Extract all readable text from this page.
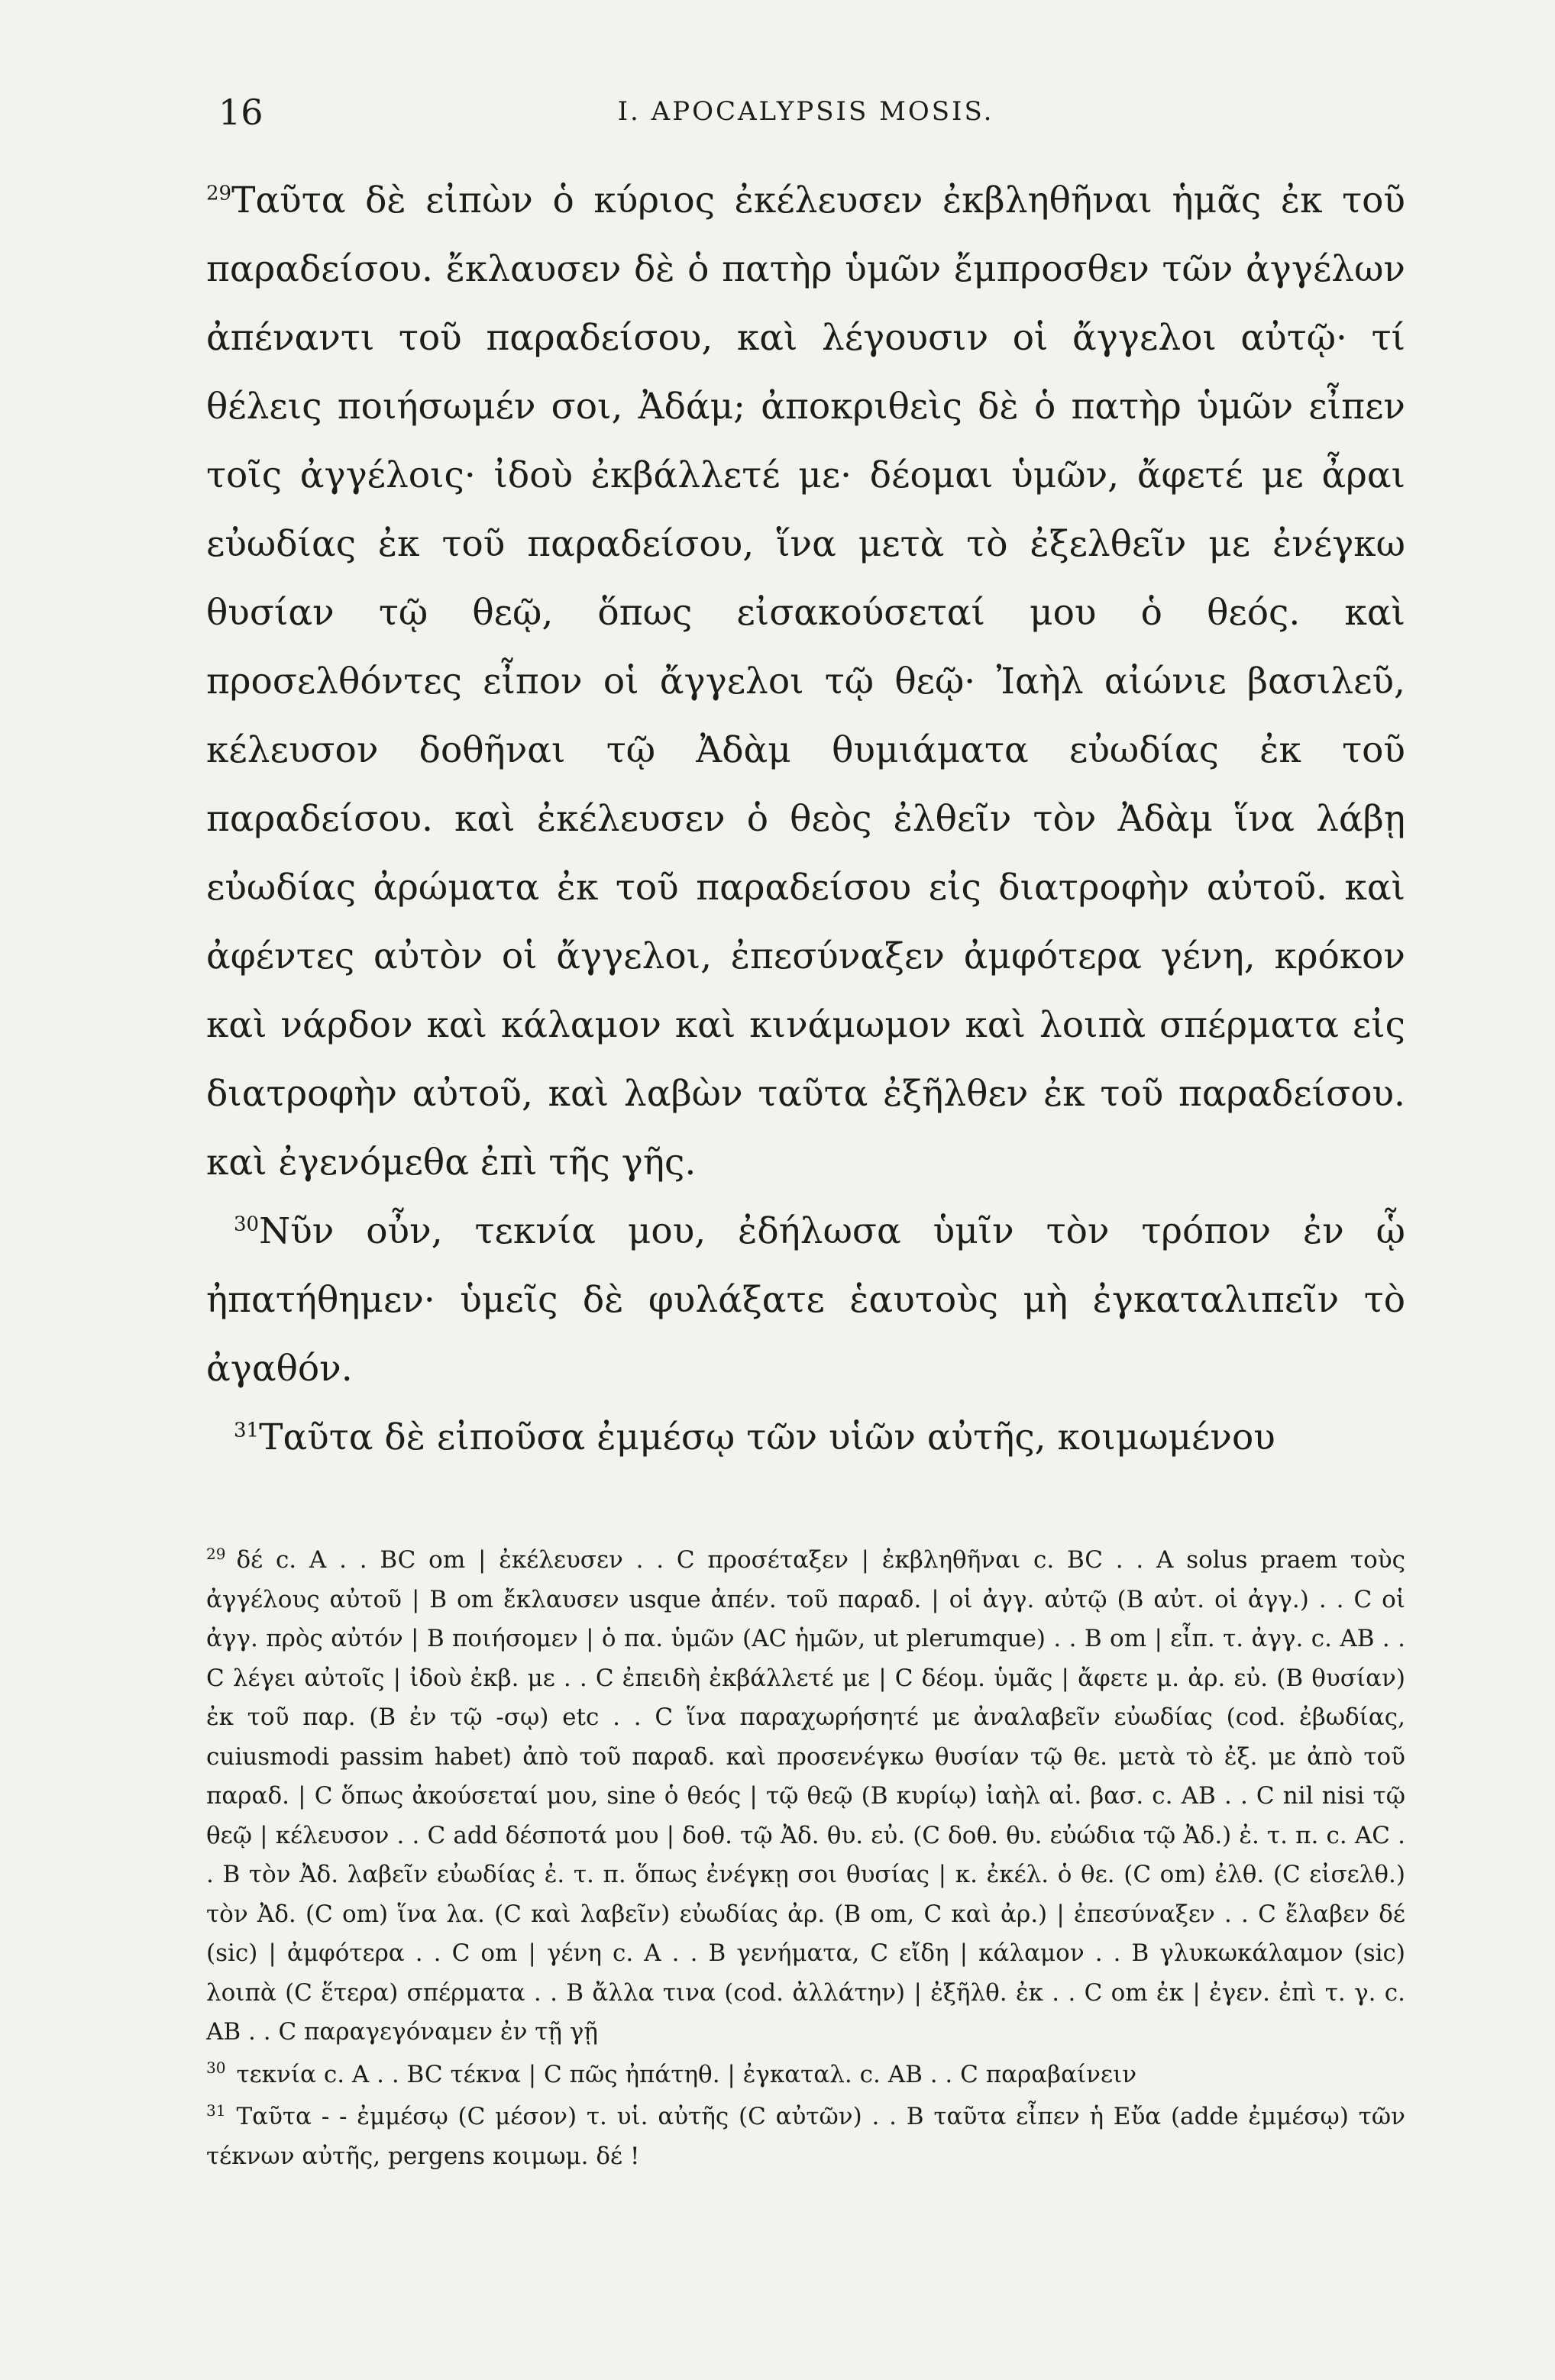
16	I. APOCALYPSIS MOSIS.

$^{29}$Ταῦτα δὲ εἰπὼν ὁ κύριος ἐκέλευσεν ἐκβληθῆναι ἡμᾶς ἐκ τοῦ παραδείσου. ἔκλαυσεν δὲ ὁ πατὴρ ὑμῶν ἔμπροσθεν τῶν ἀγγέλων ἀπέναντι τοῦ παραδείσου, καὶ λέγουσιν οἱ ἄγγελοι αὐτῷ· τί θέλεις ποιήσωμέν σοι, Ἀδάμ; ἀποκριθεὶς δὲ ὁ πατὴρ ὑμῶν εἶπεν τοῖς ἀγγέλοις· ἰδοὺ ἐκβάλλετέ με· δέομαι ὑμῶν, ἄφετέ με ἆραι εὐωδίας ἐκ τοῦ παραδείσου, ἵνα μετὰ τὸ ἐξελθεῖν με ἐνέγκω θυσίαν τῷ θεῷ, ὅπως εἰσακούσεταί μου ὁ θεός. καὶ προσελθόντες εἶπον οἱ ἄγγελοι τῷ θεῷ· Ἰαὴλ αἰώνιε βασιλεῦ, κέλευσον δοθῆναι τῷ Ἀδὰμ θυμιάματα εὐωδίας ἐκ τοῦ παραδείσου. καὶ ἐκέλευσεν ὁ θεὸς ἐλθεῖν τὸν Ἀδὰμ ἵνα λάβῃ εὐωδίας ἀρώματα ἐκ τοῦ παραδείσου εἰς διατροφὴν αὐτοῦ. καὶ ἀφέντες αὐτὸν οἱ ἄγγελοι, ἐπεσύναξεν ἀμφότερα γένη, κρόκον καὶ νάρδον καὶ κάλαμον καὶ κινάμωμον καὶ λοιπὰ σπέρματα εἰς διατροφὴν αὐτοῦ, καὶ λαβὼν ταῦτα ἐξῆλθεν ἐκ τοῦ παραδείσου. καὶ ἐγενόμεθα ἐπὶ τῆς γῆς.

$^{30}$Νῦν οὖν, τεκνία μου, ἐδήλωσα ὑμῖν τὸν τρόπον ἐν ᾧ ἠπατήθημεν· ὑμεῖς δὲ φυλάξατε ἑαυτοὺς μὴ ἐγκαταλιπεῖν τὸ ἀγαθόν.

$^{31}$Ταῦτα δὲ εἰποῦσα ἐμμέσῳ τῶν υἱῶν αὐτῆς, κοιμωμένου

$^{29}$ δέ c. A . . BC om | ἐκέλευσεν . . C προσέταξεν | ἐκβληθῆναι c. BC . . A solus praem τοὺς ἀγγέλους αὐτοῦ | B om ἔκλαυσεν usque ἀπέν. τοῦ παραδ. | οἱ ἀγγ. αὐτῷ (B αὐτ. οἱ ἀγγ.) . . C οἱ ἀγγ. πρὸς αὐτόν | B ποιήσομεν | ὁ πα. ὑμῶν (AC ἡμῶν, ut plerumque) . . B om | εἶπ. τ. ἀγγ. c. AB . . C λέγει αὐτοῖς | ἰδοὺ ἐκβ. με . . C ἐπειδὴ ἐκβάλλετέ με | C δέομ. ὑμᾶς | ἄφετε μ. ἀρ. εὐ. (B θυσίαν) ἐκ τοῦ παρ. (B ἐν τῷ -σῳ) etc . . C ἵνα παραχωρήσητέ με ἀναλαβεῖν εὐωδίας (cod. ἐβωδίας, cuiusmodi passim habet) ἀπὸ τοῦ παραδ. καὶ προσενέγκω θυσίαν τῷ θε. μετὰ τὸ ἐξ. με ἀπὸ τοῦ παραδ. | C ὅπως ἀκούσεταί μου, sine ὁ θεός | τῷ θεῷ (B κυρίῳ) ἰαὴλ αἰ. βασ. c. AB . . C nil nisi τῷ θεῷ | κέλευσον . . C add δέσποτά μου | δοθ. τῷ Ἀδ. θυ. εὐ. (C δοθ. θυ. εὐώδια τῷ Ἀδ.) ἐ. τ. π. c. AC . . B τὸν Ἀδ. λαβεῖν εὐωδίας ἐ. τ. π. ὅπως ἐνέγκῃ σοι θυσίας | κ. ἐκέλ. ὁ θε. (C om) ἐλθ. (C εἰσελθ.) τὸν Ἀδ. (C om) ἵνα λα. (C καὶ λαβεῖν) εὐωδίας ἀρ. (B om, C καὶ ἀρ.) | ἐπεσύναξεν . . C ἔλαβεν δέ (sic) | ἀμφότερα . . C om | γένη c. A . . B γενήματα, C εἴδη | κάλαμον . . B γλυκωκάλαμον (sic) λοιπὰ (C ἕτερα) σπέρματα . . B ἄλλα τινα (cod. ἀλλάτην) | ἐξῆλθ. ἐκ . . C om ἐκ | ἐγεν. ἐπὶ τ. γ. c. AB . . C παραγεγόναμεν ἐν τῇ γῇ

$^{30}$ τεκνία c. A . . BC τέκνα | C πῶς ἠπάτηθ. | ἐγκαταλ. c. AB . . C παραβαίνειν

$^{31}$ Ταῦτα - - ἐμμέσῳ (C μέσον) τ. υἱ. αὐτῆς (C αὐτῶν) . . B ταῦτα εἶπεν ἡ Εὔα (adde ἐμμέσῳ) τῶν τέκνων αὐτῆς, pergens κοιμωμ. δέ !
